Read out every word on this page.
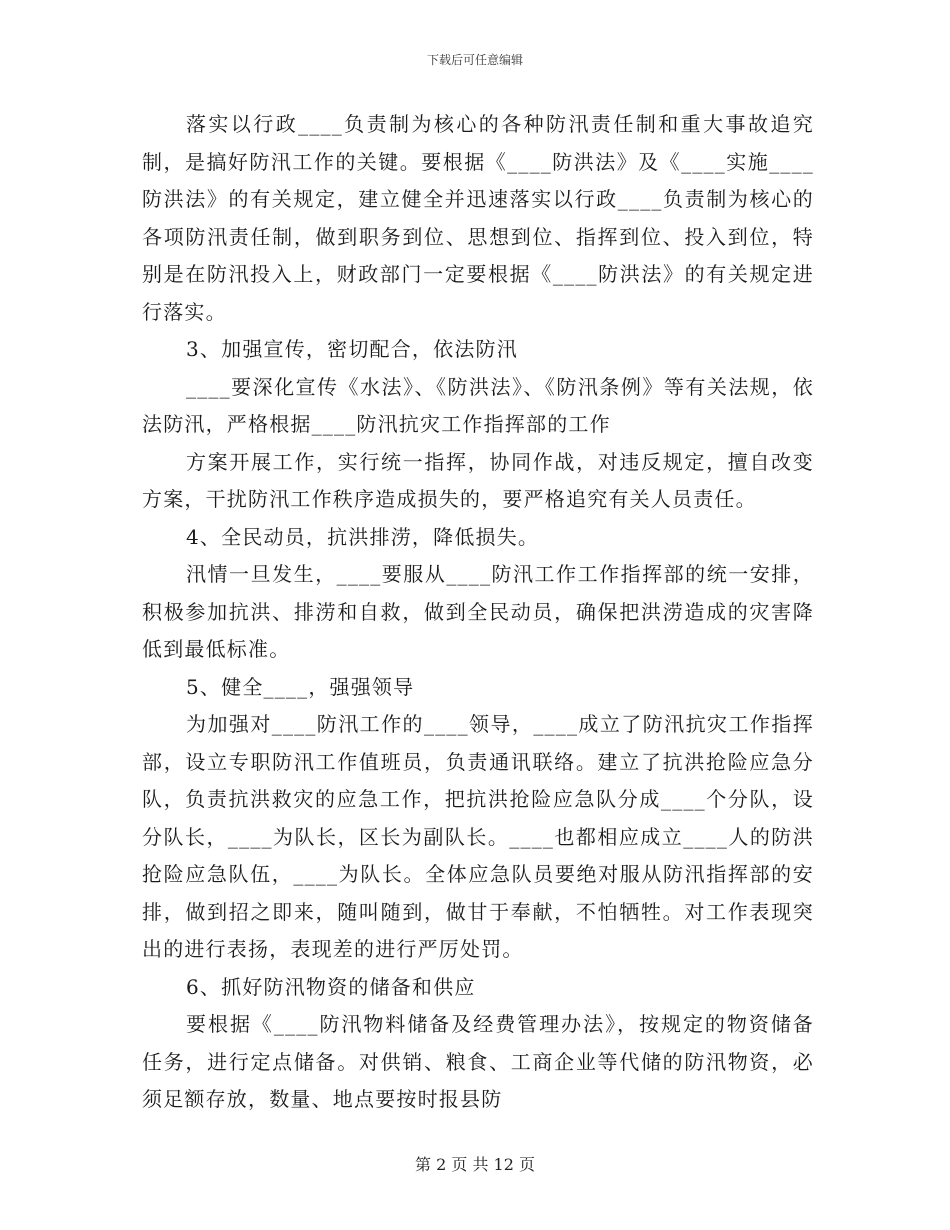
下载后可任意编辑

落实以行政____负责制为核心的各种防汛责任制和重大事故追究制，是搞好防汛工作的关键。要根据《____防洪法》及《____实施____防洪法》的有关规定，建立健全并迅速落实以行政____负责制为核心的各项防汛责任制，做到职务到位、思想到位、指挥到位、投入到位，特别是在防汛投入上，财政部门一定要根据《____防洪法》的有关规定进行落实。

3、加强宣传，密切配合，依法防汛

____要深化宣传《水法》、《防洪法》、《防汛条例》等有关法规，依法防汛，严格根据____防汛抗灾工作指挥部的工作

方案开展工作，实行统一指挥，协同作战，对违反规定，擅自改变方案，干扰防汛工作秩序造成损失的，要严格追究有关人员责任。

4、全民动员，抗洪排涝，降低损失。

汛情一旦发生，____要服从____防汛工作工作指挥部的统一安排，积极参加抗洪、排涝和自救，做到全民动员，确保把洪涝造成的灾害降低到最低标准。

5、健全____，强强领导

为加强对____防汛工作的____领导，____成立了防汛抗灾工作指挥部，设立专职防汛工作值班员，负责通讯联络。建立了抗洪抢险应急分队，负责抗洪救灾的应急工作，把抗洪抢险应急队分成____个分队，设分队长，____为队长，区长为副队长。____也都相应成立____人的防洪抢险应急队伍，____为队长。全体应急队员要绝对服从防汛指挥部的安排，做到招之即来，随叫随到，做甘于奉献，不怕牺牲。对工作表现突出的进行表扬，表现差的进行严厉处罚。

6、抓好防汛物资的储备和供应

要根据《____防汛物料储备及经费管理办法》，按规定的物资储备任务，进行定点储备。对供销、粮食、工商企业等代储的防汛物资，必须足额存放，数量、地点要按时报县防

第 2 页 共 12 页
